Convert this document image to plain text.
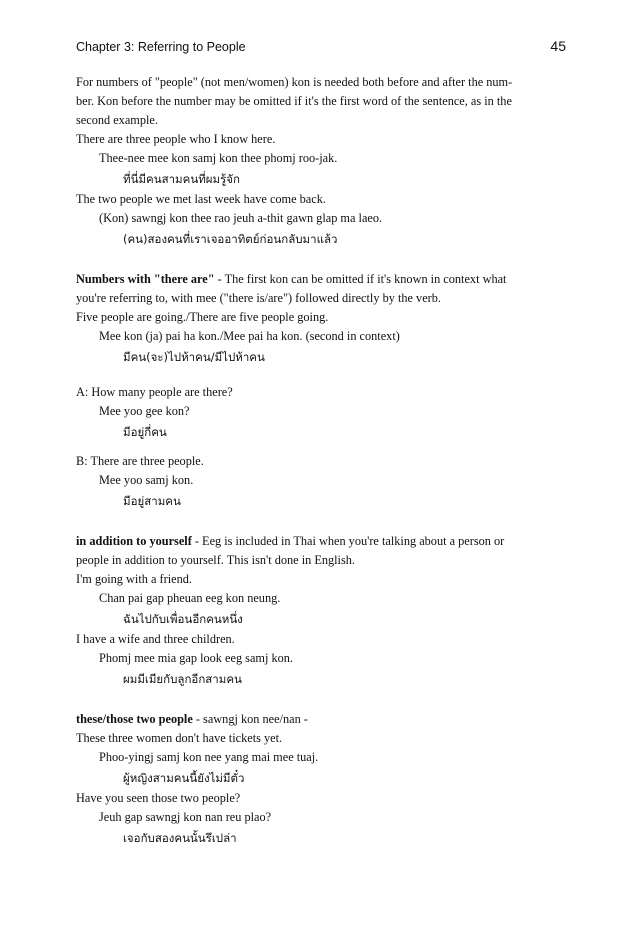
Chapter 3: Referring to People	45

For numbers of "people" (not men/women) kon is needed both before and after the num-

ber. Kon before the number may be omitted if it's the first word of the sentence, as in the

second example.

There are three people who I know here.

Thee-nee mee kon samj kon thee phomj roo-jak.

ที่นี่มีคนสามคนที่ผมรู้จัก

The two people we met last week have come back.

(Kon) sawngj kon thee rao jeuh a-thit gawn glap ma laeo.

(คน)สองคนที่เราเจออาทิตย์ก่อนกลับมาแล้ว

Numbers with "there are" - The first kon can be omitted if it's known in context what

you're referring to, with mee ("there is/are") followed directly by the verb.

Five people are going./There are five people going.

Mee kon (ja) pai ha kon./Mee pai ha kon. (second in context)

มีคน(จะ)ไปห้าคน/มีไปห้าคน

A: How many people are there?

Mee yoo gee kon?

มีอยู่กี่คน

B: There are three people.

Mee yoo samj kon.

มีอยู่สามคน

in addition to yourself - Eeg is included in Thai when you're talking about a person or

people in addition to yourself. This isn't done in English.

I'm going with a friend.

Chan pai gap pheuan eeg kon neung.

ฉันไปกับเพื่อนอีกคนหนึ่ง

I have a wife and three children.

Phomj mee mia gap look eeg samj kon.

ผมมีเมียกับลูกอีกสามคน

these/those two people - sawngj kon nee/nan -

These three women don't have tickets yet.

Phoo-yingj samj kon nee yang mai mee tuaj.

ผู้หญิงสามคนนี้ยังไม่มีตั๋ว

Have you seen those two people?

Jeuh gap sawngj kon nan reu plao?

เจอกับสองคนนั้นรึเปล่า
